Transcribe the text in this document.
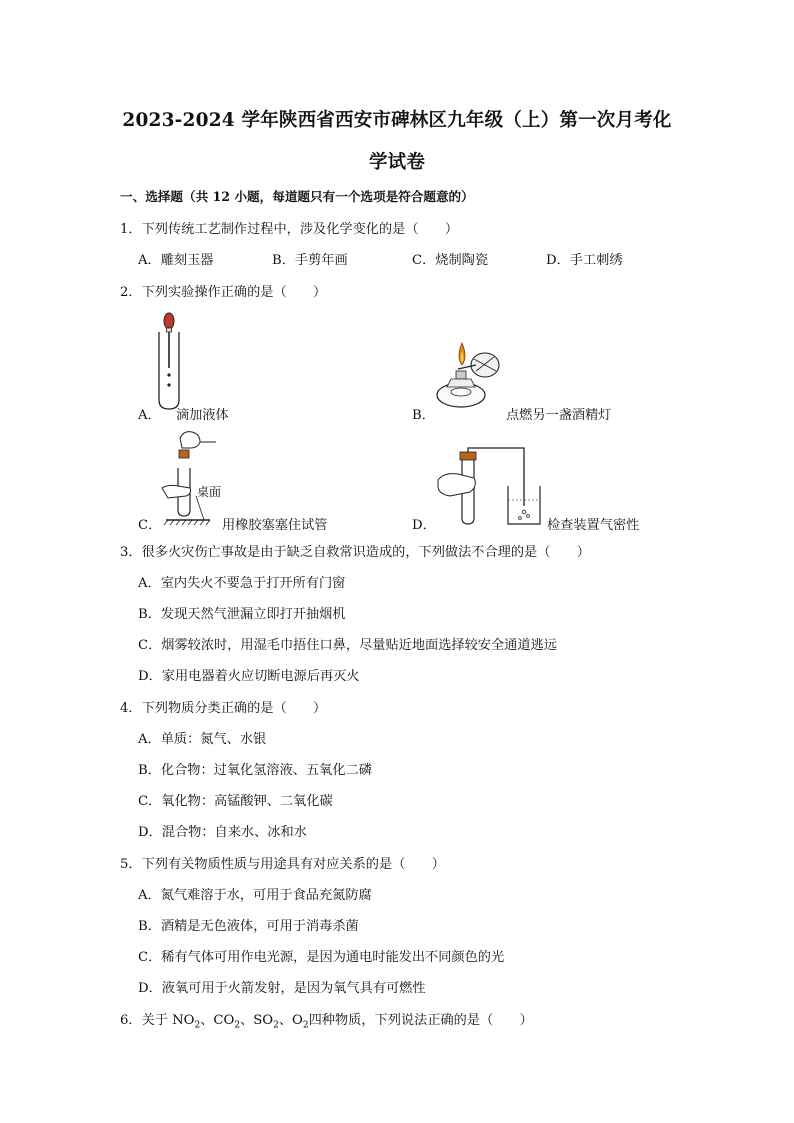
2023-2024 学年陕西省西安市碑林区九年级（上）第一次月考化
学试卷
一、选择题（共 12 小题，每道题只有一个选项是符合题意的）
1．下列传统工艺制作过程中，涉及化学变化的是（　　）
A．雕刻玉器	B．手剪年画	C．烧制陶瓷	D．手工刺绣
2．下列实验操作正确的是（　　）
A． 滴加液体	B．	点燃另一盏酒精灯
桌面
C．	用橡胶塞塞住试管	D．	检查装置气密性
3．很多火灾伤亡事故是由于缺乏自救常识造成的，下列做法不合理的是（　　）
A．室内失火不要急于打开所有门窗
B．发现天然气泄漏立即打开抽烟机
C．烟雾较浓时，用湿毛巾捂住口鼻，尽量贴近地面选择较安全通道逃远
D．家用电器着火应切断电源后再灭火
4．下列物质分类正确的是（　　）
A．单质：氮气、水银
B．化合物：过氧化氢溶液、五氧化二磷
C．氧化物：高锰酸钾、二氧化碳
D．混合物：自来水、冰和水
5．下列有关物质性质与用途具有对应关系的是（　　）
A．氮气难溶于水，可用于食品充氮防腐
B．酒精是无色液体，可用于消毒杀菌
C．稀有气体可用作电光源，是因为通电时能发出不同颜色的光
D．液氧可用于火箭发射，是因为氧气具有可燃性
6．关于 $NO_2$、$CO_2$、$SO_2$、$O_2$四种物质，下列说法正确的是（　　）
